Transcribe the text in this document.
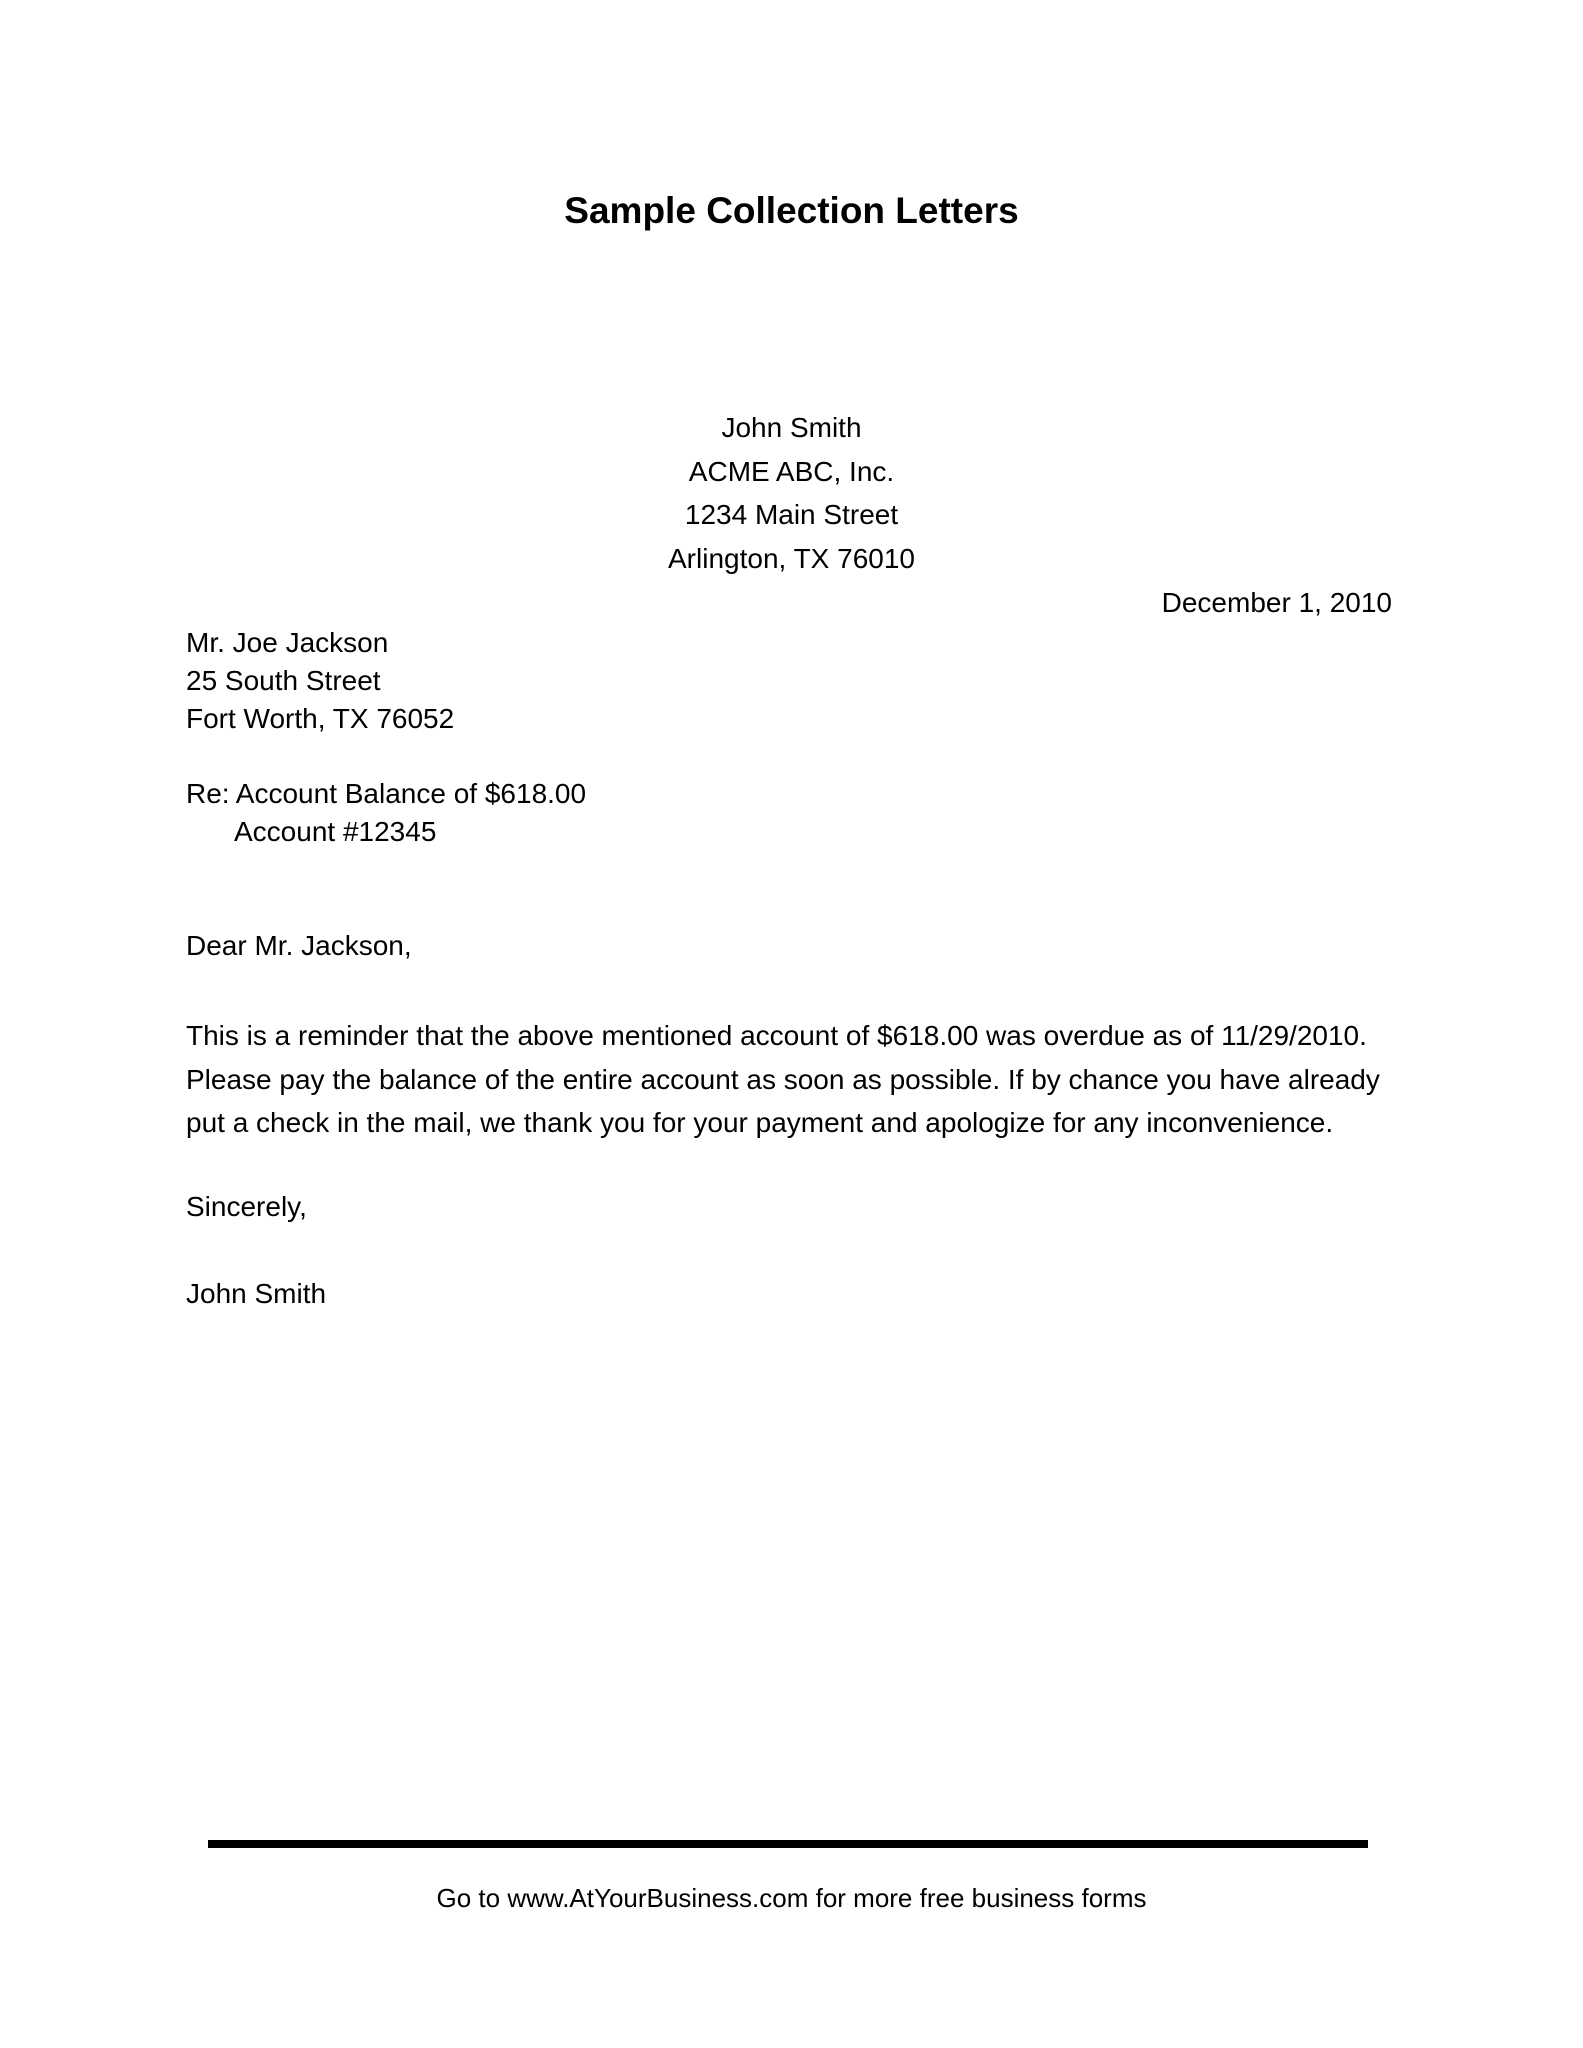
Sample Collection Letters
John Smith
ACME ABC, Inc.
1234 Main Street
Arlington, TX 76010
December 1, 2010
Mr. Joe Jackson
25 South Street
Fort Worth, TX 76052
Re: Account Balance of $618.00
Account #12345
Dear Mr. Jackson,
This is a reminder that the above mentioned account of $618.00 was overdue as of 11/29/2010.
Please pay the balance of the entire account as soon as possible. If by chance you have already
put a check in the mail, we thank you for your payment and apologize for any inconvenience.
Sincerely,
John Smith
Go to www.AtYourBusiness.com for more free business forms
